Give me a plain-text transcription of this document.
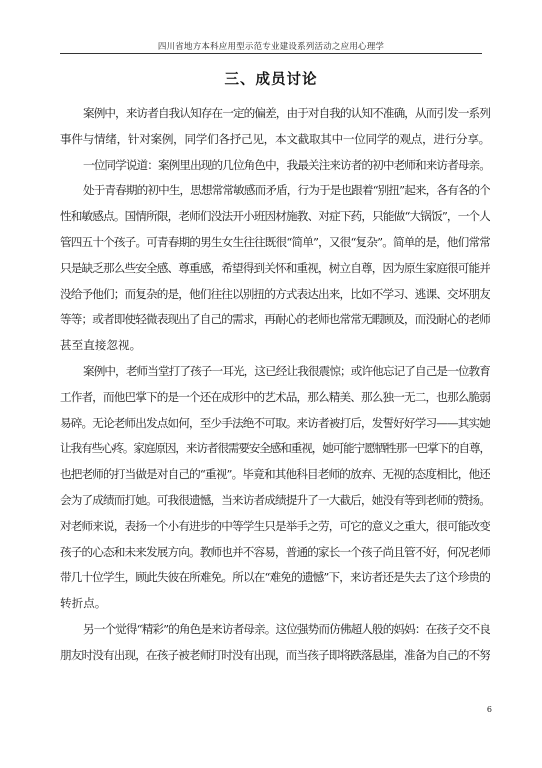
四川省地方本科应用型示范专业建设系列活动之应用心理学
三、成员讨论

案例中，来访者自我认知存在一定的偏差，由于对自我的认知不准确，从而引发一系列
事件与情绪，针对案例，同学们各抒己见，本文截取其中一位同学的观点，进行分享。

一位同学说道：案例里出现的几位角色中，我最关注来访者的初中老师和来访者母亲。

处于青春期的初中生，思想常常敏感而矛盾，行为于是也跟着“别扭”起来，各有各的个
性和敏感点。国情所限，老师们没法开小班因材施教、对症下药，只能做“大锅饭”，一个人
管四五十个孩子。可青春期的男生女生往往既很“简单”，又很“复杂”。简单的是，他们常常
只是缺乏那么些安全感、尊重感，希望得到关怀和重视，树立自尊，因为原生家庭很可能并
没给予他们；而复杂的是，他们往往以别扭的方式表达出来，比如不学习、逃课、交坏朋友
等等；或者即使轻微表现出了自己的需求，再耐心的老师也常常无暇顾及，而没耐心的老师
甚至直接忽视。

案例中，老师当堂打了孩子一耳光，这已经让我很震惊；或许他忘记了自己是一位教育
工作者，而他巴掌下的是一个还在成形中的艺术品，那么精美、那么独一无二，也那么脆弱
易碎。无论老师出发点如何，至少手法绝不可取。来访者被打后，发誓好好学习——其实她
让我有些心疼。家庭原因，来访者很需要安全感和重视，她可能宁愿牺牲那一巴掌下的自尊，
也把老师的打当做是对自己的“重视”。毕竟和其他科目老师的放弃、无视的态度相比，他还
会为了成绩而打她。可我很遗憾，当来访者成绩提升了一大截后，她没有等到老师的赞扬。
对老师来说，表扬一个小有进步的中等学生只是举手之劳，可它的意义之重大，很可能改变
孩子的心态和未来发展方向。教师也并不容易，普通的家长一个孩子尚且管不好，何况老师
带几十位学生，顾此失彼在所难免。所以在“难免的遗憾”下，来访者还是失去了这个珍贵的
转折点。

另一个觉得“精彩”的角色是来访者母亲。这位强势而仿佛超人般的妈妈：在孩子交不良
朋友时没有出现，在孩子被老师打时没有出现，而当孩子即将跌落悬崖，准备为自己的不努

6
